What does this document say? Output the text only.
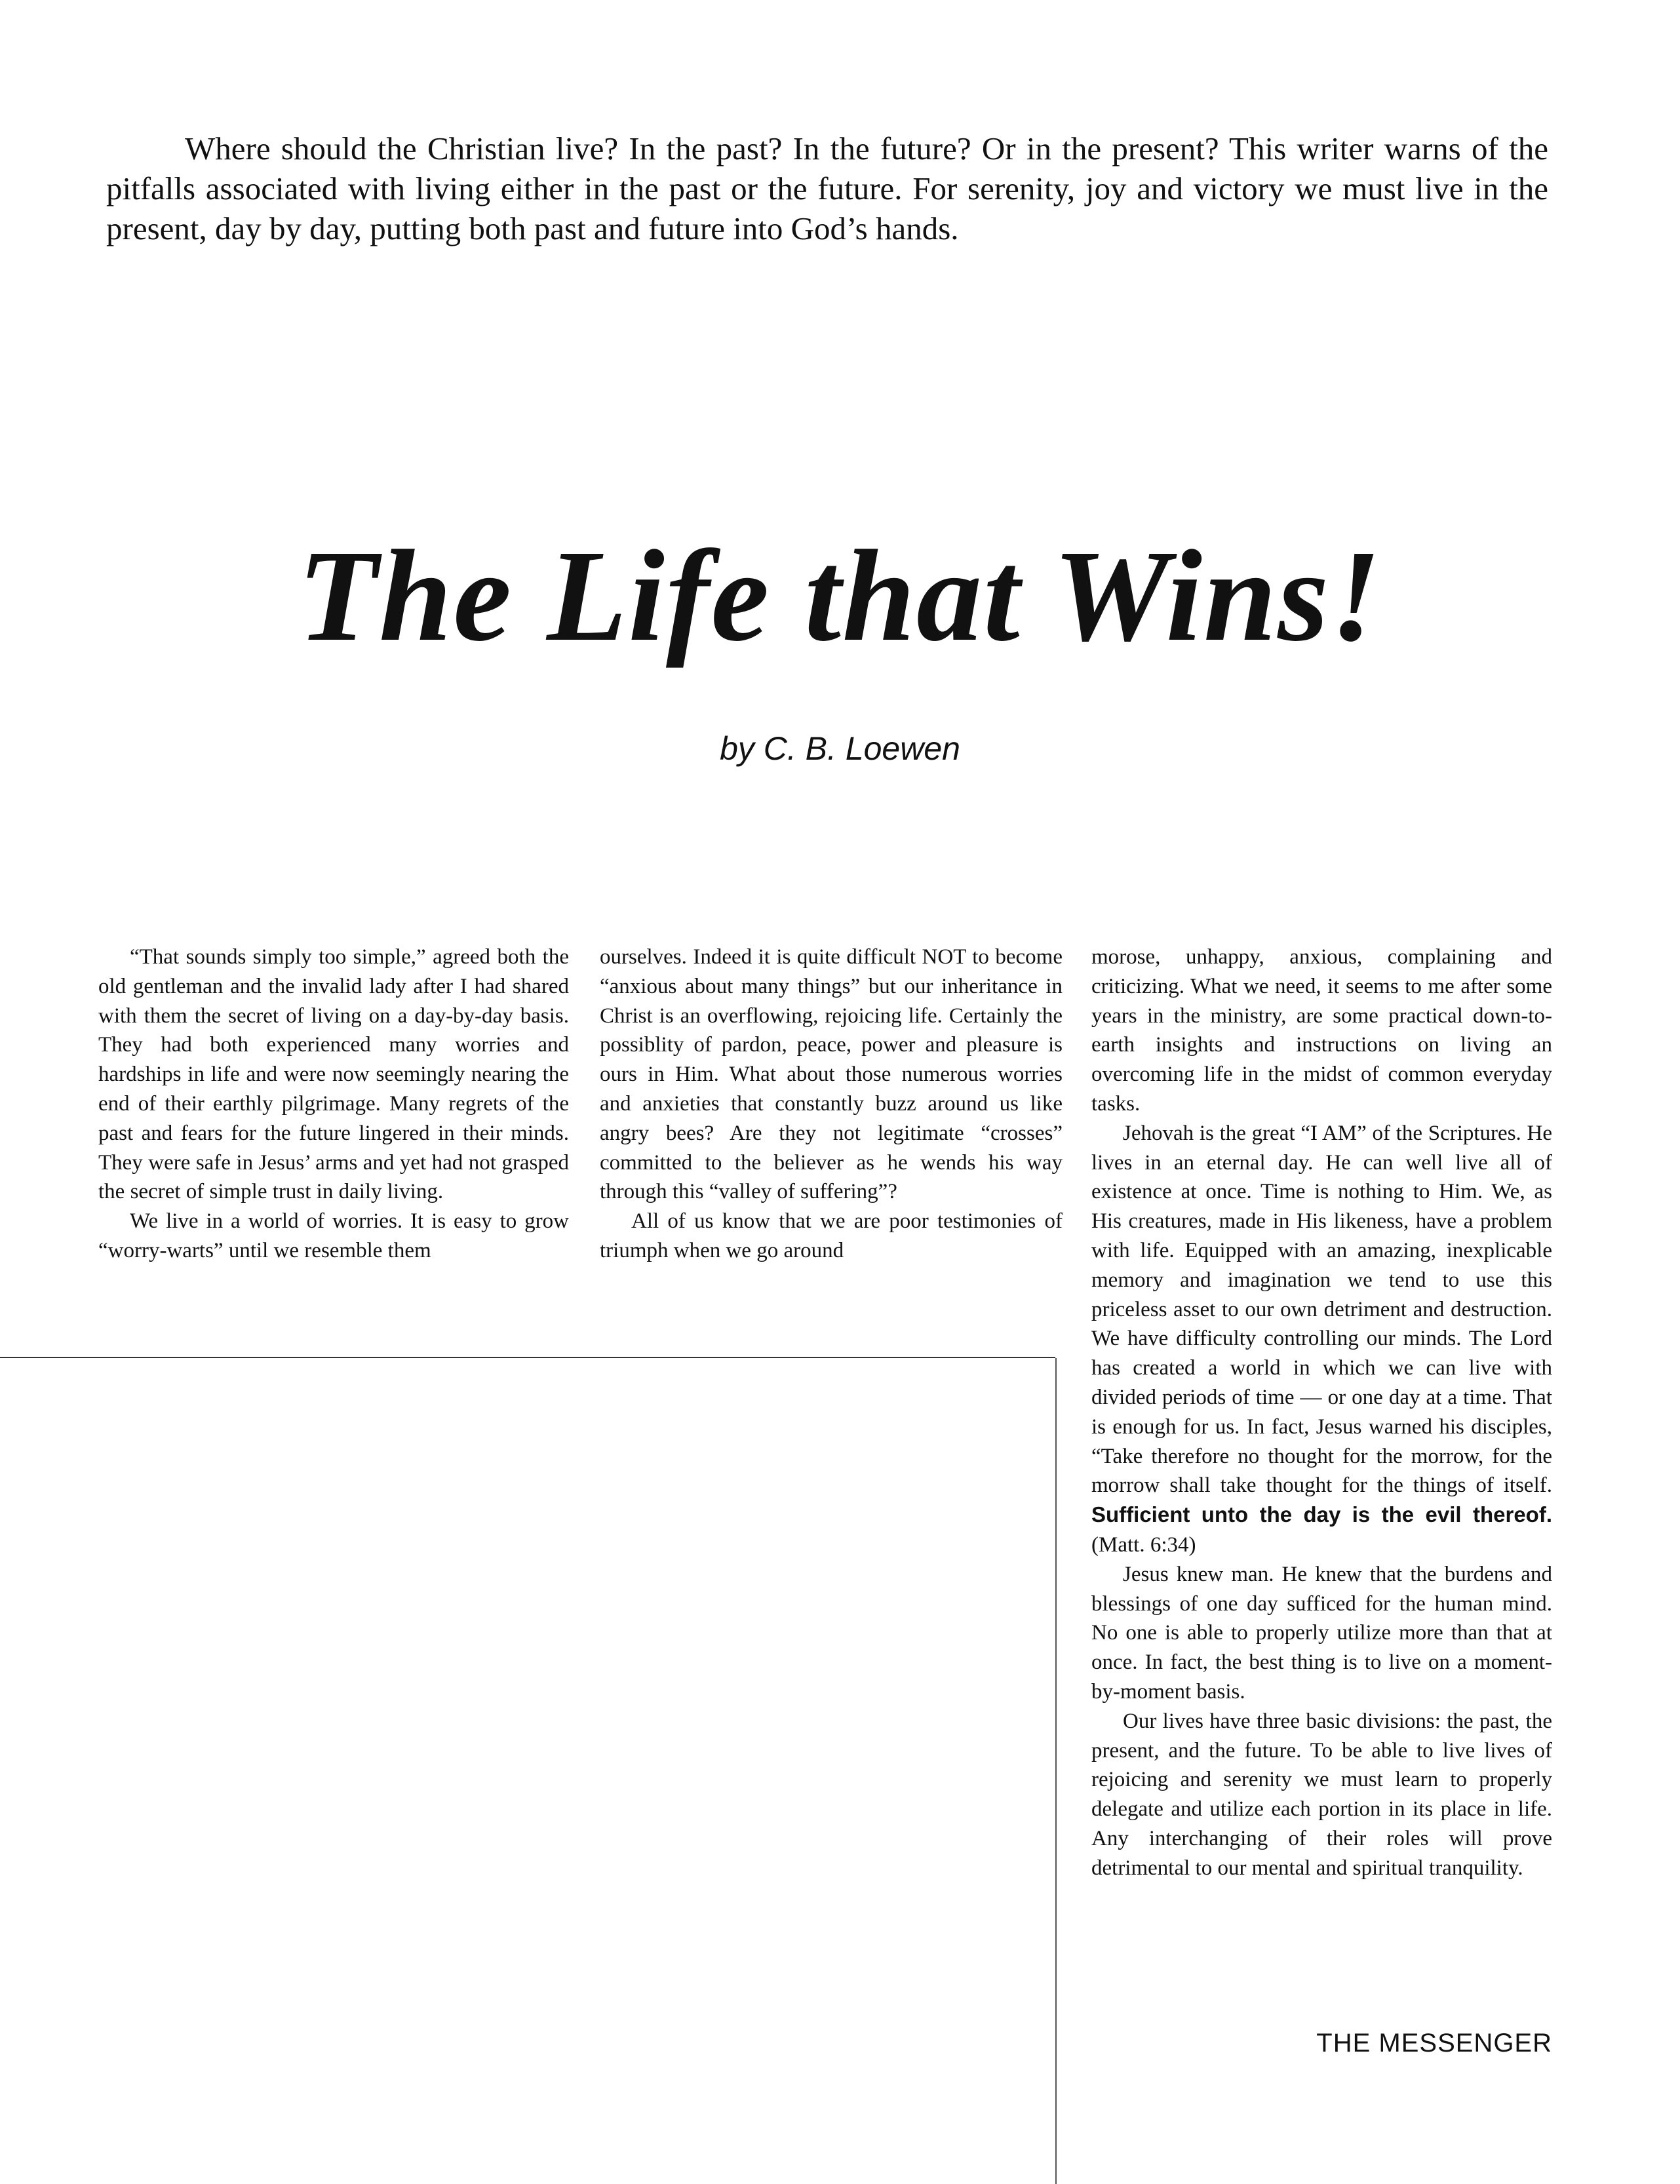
Where should the Christian live? In the past? In the future? Or in the present? This writer warns of the pitfalls associated with living either in the past or the future. For serenity, joy and victory we must live in the present, day by day, putting both past and future into God’s hands.

The Life that Wins!

by C. B. Loewen

“That sounds simply too simple,” agreed both the old gentleman and the invalid lady after I had shared with them the secret of living on a day-by-day basis. They had both experienced many worries and hardships in life and were now seemingly nearing the end of their earthly pilgrimage. Many regrets of the past and fears for the future lingered in their minds. They were safe in Jesus’ arms and yet had not grasped the secret of simple trust in daily living.

We live in a world of worries. It is easy to grow “worry-warts” until we resemble them

ourselves. Indeed it is quite difficult NOT to become “anxious about many things” but our inheritance in Christ is an overflowing, rejoicing life. Certainly the possiblity of pardon, peace, power and pleasure is ours in Him. What about those numerous worries and anxieties that constantly buzz around us like angry bees? Are they not legitimate “crosses” committed to the believer as he wends his way through this “valley of suffering”?

All of us know that we are poor testimonies of triumph when we go around

morose, unhappy, anxious, complaining and criticizing. What we need, it seems to me after some years in the ministry, are some practical down-to-earth insights and instructions on living an overcoming life in the midst of common everyday tasks.

Jehovah is the great “I AM” of the Scriptures. He lives in an eternal day. He can well live all of existence at once. Time is nothing to Him. We, as His creatures, made in His likeness, have a problem with life. Equipped with an amazing, inexplicable memory and imagination we tend to use this priceless asset to our own detriment and destruction. We have difficulty controlling our minds. The Lord has created a world in which we can live with divided periods of time — or one day at a time. That is enough for us. In fact, Jesus warned his disciples, “Take therefore no thought for the morrow, for the morrow shall take thought for the things of itself. Sufficient unto the day is the evil thereof. (Matt. 6:34)

Jesus knew man. He knew that the burdens and blessings of one day sufficed for the human mind. No one is able to properly utilize more than that at once. In fact, the best thing is to live on a moment-by-moment basis.

Our lives have three basic divisions: the past, the present, and the future. To be able to live lives of rejoicing and serenity we must learn to properly delegate and utilize each portion in its place in life. Any interchanging of their roles will prove detrimental to our mental and spiritual tranquility.

THE MESSENGER
